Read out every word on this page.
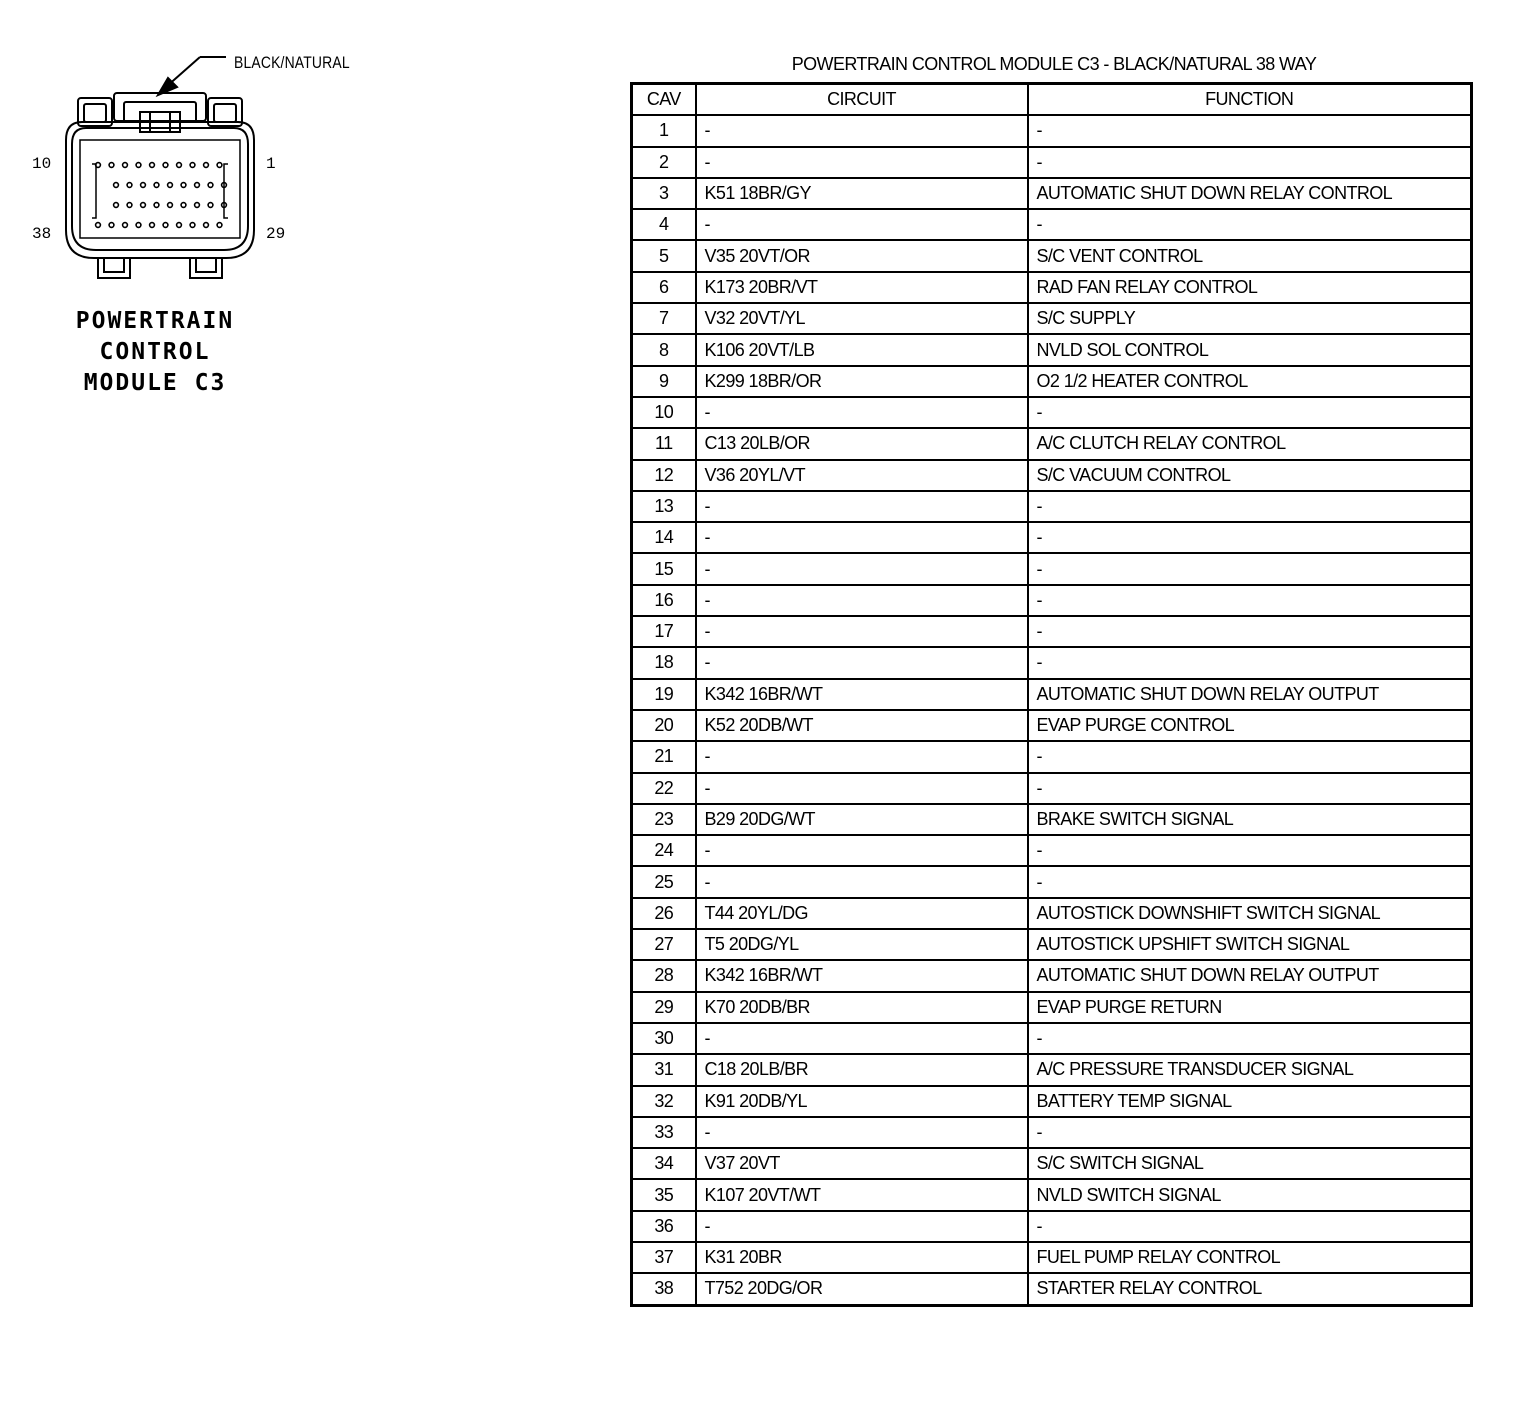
10	1
38	29
BLACK/NATURAL
POWERTRAIN
CONTROL
MODULE C3
POWERTRAIN CONTROL MODULE C3 - BLACK/NATURAL 38 WAY
CAV	CIRCUIT	FUNCTION
1	-	-
2	-	-
3	K51 18BR/GY	AUTOMATIC SHUT DOWN RELAY CONTROL
4	-	-
5	V35 20VT/OR	S/C VENT CONTROL
6	K173 20BR/VT	RAD FAN RELAY CONTROL
7	V32 20VT/YL	S/C SUPPLY
8	K106 20VT/LB	NVLD SOL CONTROL
9	K299 18BR/OR	O2 1/2 HEATER CONTROL
10	-	-
11	C13 20LB/OR	A/C CLUTCH RELAY CONTROL
12	V36 20YL/VT	S/C VACUUM CONTROL
13	-	-
14	-	-
15	-	-
16	-	-
17	-	-
18	-	-
19	K342 16BR/WT	AUTOMATIC SHUT DOWN RELAY OUTPUT
20	K52 20DB/WT	EVAP PURGE CONTROL
21	-	-
22	-	-
23	B29 20DG/WT	BRAKE SWITCH SIGNAL
24	-	-
25	-	-
26	T44 20YL/DG	AUTOSTICK DOWNSHIFT SWITCH SIGNAL
27	T5 20DG/YL	AUTOSTICK UPSHIFT SWITCH SIGNAL
28	K342 16BR/WT	AUTOMATIC SHUT DOWN RELAY OUTPUT
29	K70 20DB/BR	EVAP PURGE RETURN
30	-	-
31	C18 20LB/BR	A/C PRESSURE TRANSDUCER SIGNAL
32	K91 20DB/YL	BATTERY TEMP SIGNAL
33	-	-
34	V37 20VT	S/C SWITCH SIGNAL
35	K107 20VT/WT	NVLD SWITCH SIGNAL
36	-	-
37	K31 20BR	FUEL PUMP RELAY CONTROL
38	T752 20DG/OR	STARTER RELAY CONTROL
